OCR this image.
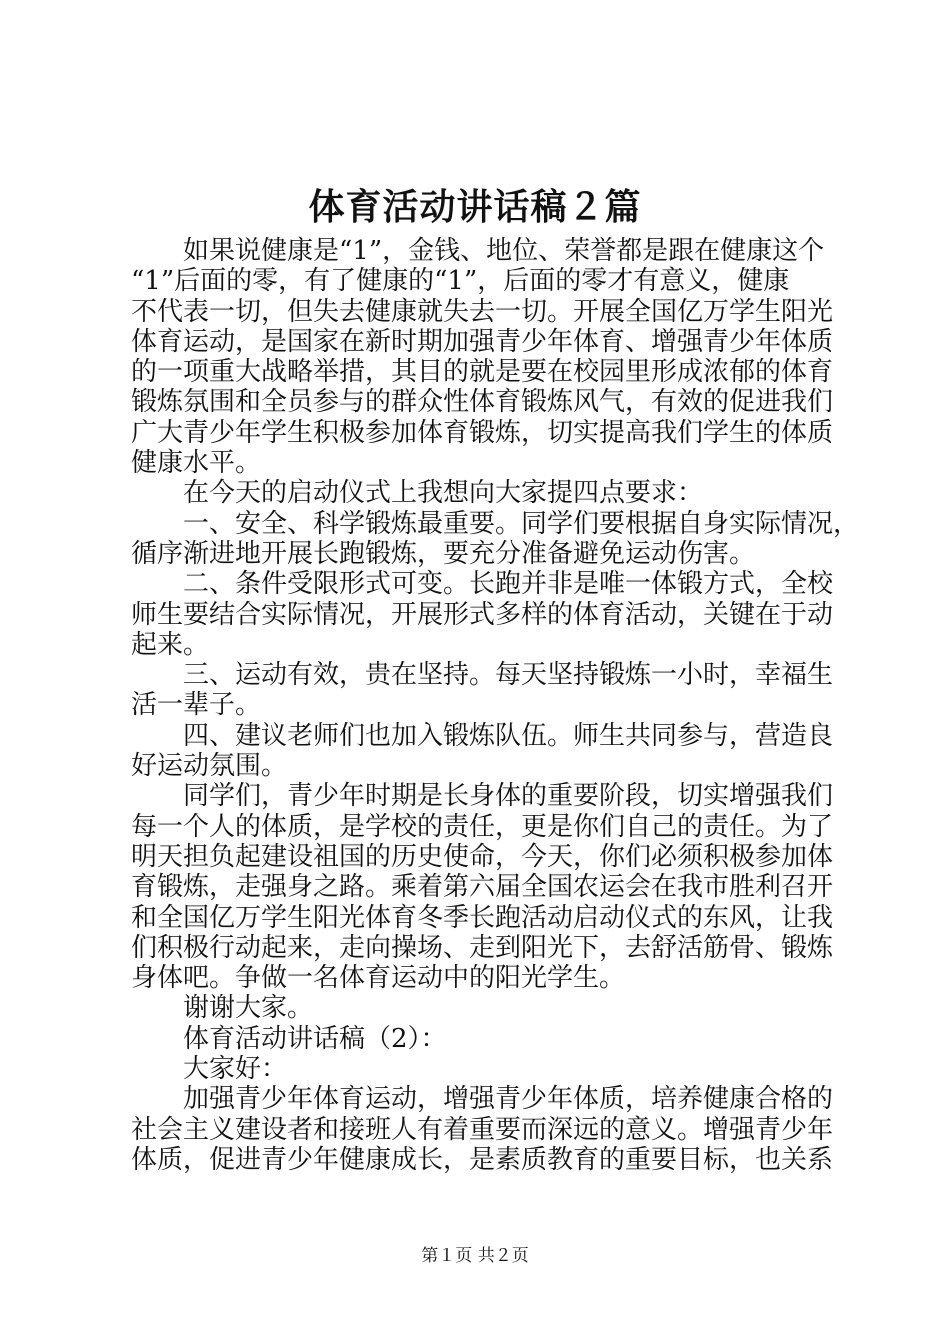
体育活动讲话稿２篇
如果说健康是“1”，金钱、地位、荣誉都是跟在健康这个
“1”后面的零，有了健康的“1”，后面的零才有意义，健康
不代表一切，但失去健康就失去一切。开展全国亿万学生阳光
体育运动，是国家在新时期加强青少年体育、增强青少年体质
的一项重大战略举措，其目的就是要在校园里形成浓郁的体育
锻炼氛围和全员参与的群众性体育锻炼风气，有效的促进我们
广大青少年学生积极参加体育锻炼，切实提高我们学生的体质
健康水平。
在今天的启动仪式上我想向大家提四点要求：
一、安全、科学锻炼最重要。同学们要根据自身实际情况，
循序渐进地开展长跑锻炼，要充分准备避免运动伤害。
二、条件受限形式可变。长跑并非是唯一体锻方式，全校
师生要结合实际情况，开展形式多样的体育活动，关键在于动
起来。
三、运动有效，贵在坚持。每天坚持锻炼一小时，幸福生
活一辈子。
四、建议老师们也加入锻炼队伍。师生共同参与，营造良
好运动氛围。
同学们，青少年时期是长身体的重要阶段，切实增强我们
每一个人的体质，是学校的责任，更是你们自己的责任。为了
明天担负起建设祖国的历史使命，今天，你们必须积极参加体
育锻炼，走强身之路。乘着第六届全国农运会在我市胜利召开
和全国亿万学生阳光体育冬季长跑活动启动仪式的东风，让我
们积极行动起来，走向操场、走到阳光下，去舒活筋骨、锻炼
身体吧。争做一名体育运动中的阳光学生。
谢谢大家。
体育活动讲话稿（2）：
大家好：
加强青少年体育运动，增强青少年体质，培养健康合格的
社会主义建设者和接班人有着重要而深远的意义。增强青少年
体质，促进青少年健康成长，是素质教育的重要目标，也关系
第１页 共２页
